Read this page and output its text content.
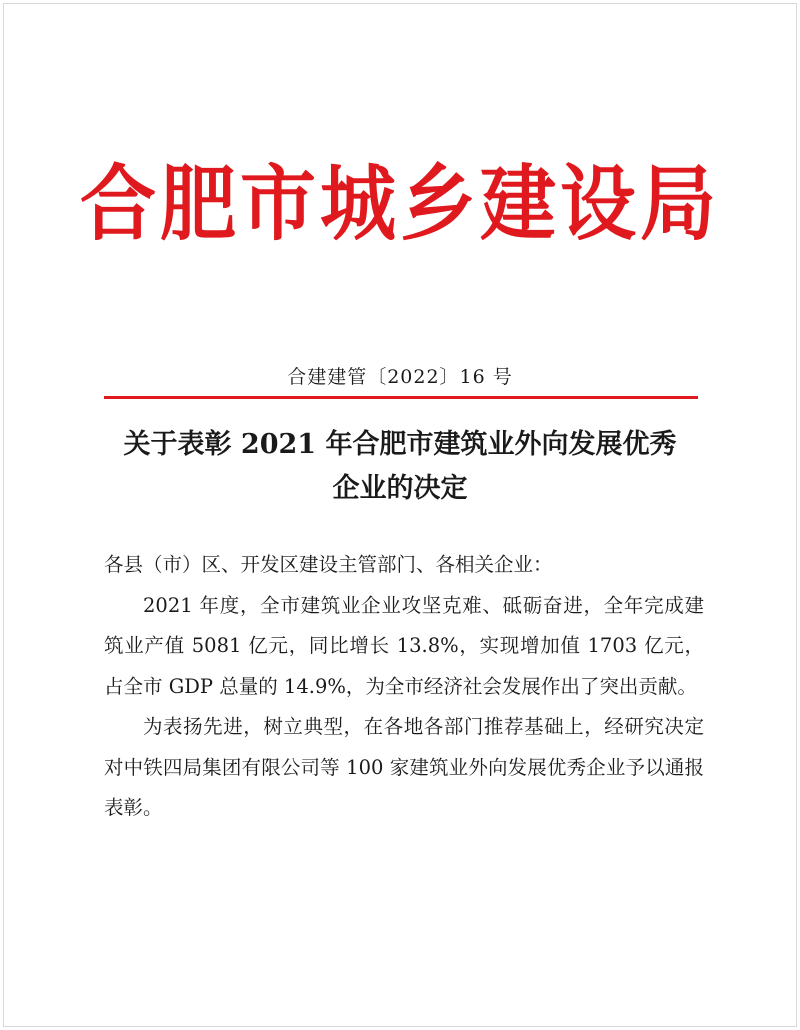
合肥市城乡建设局
合建建管〔2022〕16 号
关于表彰 2021 年合肥市建筑业外向发展优秀
企业的决定

各县（市）区、开发区建设主管部门、各相关企业：

2021 年度，全市建筑业企业攻坚克难、砥砺奋进，全年完成建筑业产值 5081 亿元，同比增长 13.8%，实现增加值 1703 亿元，占全市 GDP 总量的 14.9%，为全市经济社会发展作出了突出贡献。

为表扬先进，树立典型，在各地各部门推荐基础上，经研究决定对中铁四局集团有限公司等 100 家建筑业外向发展优秀企业予以通报表彰。
